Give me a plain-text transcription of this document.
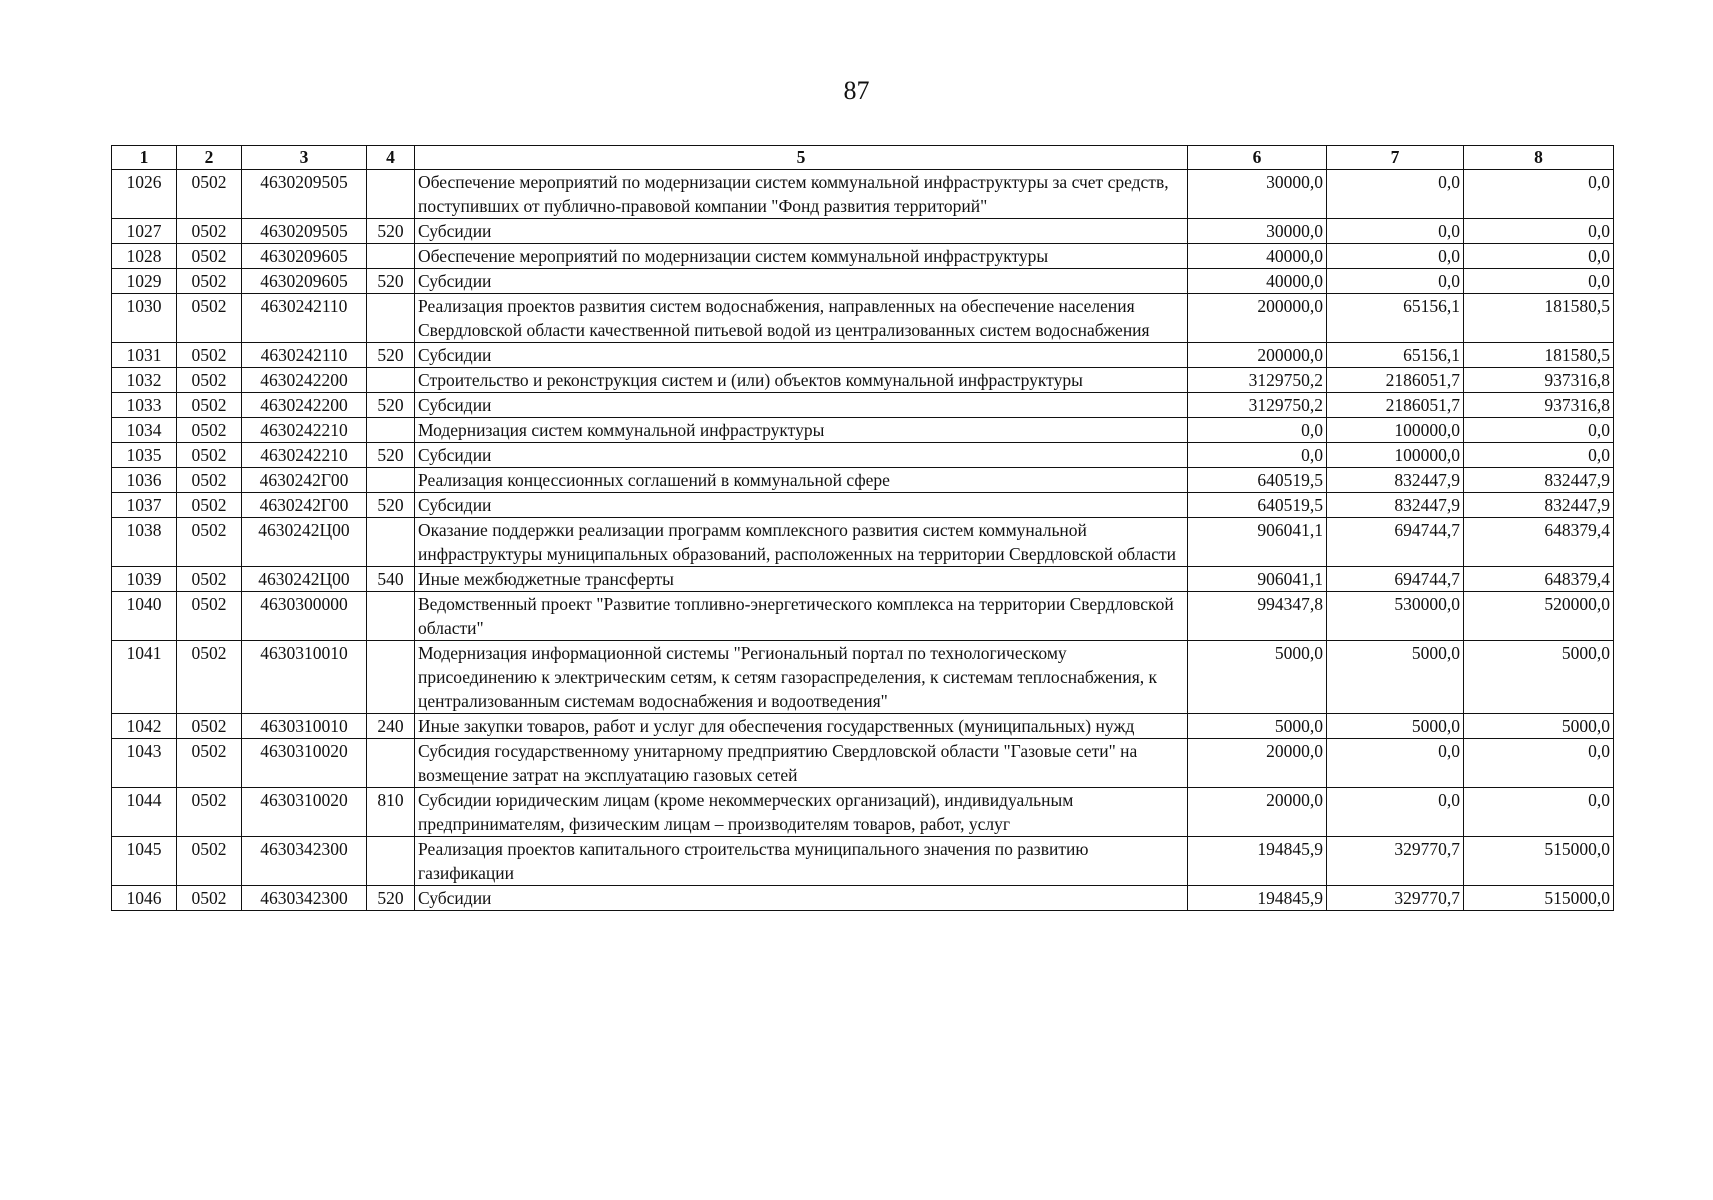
87
1	2	3	4	5	6	7	8
1026	0502	4630209505		Обеспечение мероприятий по модернизации систем коммунальной инфраструктуры за счет средств, поступивших от публично-правовой компании "Фонд развития территорий"	30000,0	0,0	0,0
1027	0502	4630209505	520	Субсидии	30000,0	0,0	0,0
1028	0502	4630209605		Обеспечение мероприятий по модернизации систем коммунальной инфраструктуры	40000,0	0,0	0,0
1029	0502	4630209605	520	Субсидии	40000,0	0,0	0,0
1030	0502	4630242110		Реализация проектов развития систем водоснабжения, направленных на обеспечение населения Свердловской области качественной питьевой водой из централизованных систем водоснабжения	200000,0	65156,1	181580,5
1031	0502	4630242110	520	Субсидии	200000,0	65156,1	181580,5
1032	0502	4630242200		Строительство и реконструкция систем и (или) объектов коммунальной инфраструктуры	3129750,2	2186051,7	937316,8
1033	0502	4630242200	520	Субсидии	3129750,2	2186051,7	937316,8
1034	0502	4630242210		Модернизация систем коммунальной инфраструктуры	0,0	100000,0	0,0
1035	0502	4630242210	520	Субсидии	0,0	100000,0	0,0
1036	0502	4630242Г00		Реализация концессионных соглашений в коммунальной сфере	640519,5	832447,9	832447,9
1037	0502	4630242Г00	520	Субсидии	640519,5	832447,9	832447,9
1038	0502	4630242Ц00		Оказание поддержки реализации программ комплексного развития систем коммунальной инфраструктуры муниципальных образований, расположенных на территории Свердловской области	906041,1	694744,7	648379,4
1039	0502	4630242Ц00	540	Иные межбюджетные трансферты	906041,1	694744,7	648379,4
1040	0502	4630300000		Ведомственный проект "Развитие топливно-энергетического комплекса на территории Свердловской области"	994347,8	530000,0	520000,0
1041	0502	4630310010		Модернизация информационной системы "Региональный портал по технологическому присоединению к электрическим сетям, к сетям газораспределения, к системам теплоснабжения, к централизованным системам водоснабжения и водоотведения"	5000,0	5000,0	5000,0
1042	0502	4630310010	240	Иные закупки товаров, работ и услуг для обеспечения государственных (муниципальных) нужд	5000,0	5000,0	5000,0
1043	0502	4630310020		Субсидия государственному унитарному предприятию Свердловской области "Газовые сети" на возмещение затрат на эксплуатацию газовых сетей	20000,0	0,0	0,0
1044	0502	4630310020	810	Субсидии юридическим лицам (кроме некоммерческих организаций), индивидуальным предпринимателям, физическим лицам – производителям товаров, работ, услуг	20000,0	0,0	0,0
1045	0502	4630342300		Реализация проектов капитального строительства муниципального значения по развитию газификации	194845,9	329770,7	515000,0
1046	0502	4630342300	520	Субсидии	194845,9	329770,7	515000,0
